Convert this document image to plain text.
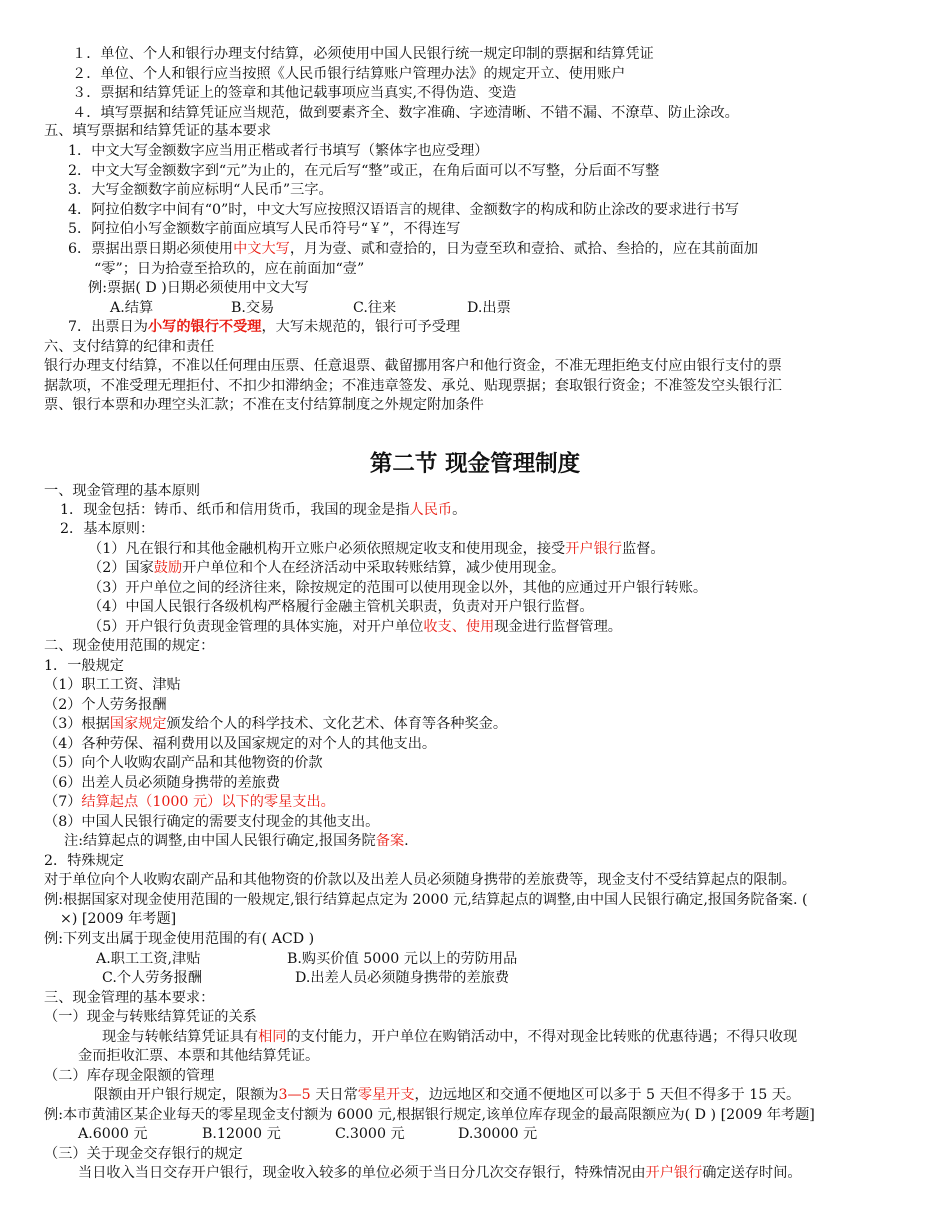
１．单位、个人和银行办理支付结算，必须使用中国人民银行统一规定印制的票据和结算凭证
２．单位、个人和银行应当按照《人民币银行结算账户管理办法》的规定开立、使用账户
３．票据和结算凭证上的签章和其他记载事项应当真实,不得伪造、变造
４．填写票据和结算凭证应当规范，做到要素齐全、数字准确、字迹清晰、不错不漏、不潦草、防止涂改。
五、填写票据和结算凭证的基本要求
1．中文大写金额数字应当用正楷或者行书填写（繁体字也应受理）
2．中文大写金额数字到“元”为止的，在元后写“整”或正，在角后面可以不写整，分后面不写整
3．大写金额数字前应标明“人民币”三字。
4．阿拉伯数字中间有“0”时，中文大写应按照汉语语言的规律、金额数字的构成和防止涂改的要求进行书写
5．阿拉伯小写金额数字前面应填写人民币符号“￥”，不得连写
6．票据出票日期必须使用中文大写，月为壹、贰和壹拾的，日为壹至玖和壹拾、贰拾、叁拾的，应在其前面加
“零”；日为拾壹至拾玖的，应在前面加“壹”
例:票据( D )日期必须使用中文大写
A.结算	B.交易	C.往来	D.出票
7．出票日为小写的银行不受理，大写未规范的，银行可予受理
六、支付结算的纪律和责任
银行办理支付结算，不准以任何理由压票、任意退票、截留挪用客户和他行资金，不准无理拒绝支付应由银行支付的票
据款项，不准受理无理拒付、不扣少扣滞纳金；不准违章签发、承兑、贴现票据；套取银行资金；不准签发空头银行汇
票、银行本票和办理空头汇款；不准在支付结算制度之外规定附加条件
第二节 现金管理制度
一、现金管理的基本原则
1．现金包括：铸币、纸币和信用货币，我国的现金是指人民币。
2．基本原则：
（1）凡在银行和其他金融机构开立账户必须依照规定收支和使用现金，接受开户银行监督。
（2）国家鼓励开户单位和个人在经济活动中采取转账结算，减少使用现金。
（3）开户单位之间的经济往来，除按规定的范围可以使用现金以外，其他的应通过开户银行转账。
（4）中国人民银行各级机构严格履行金融主管机关职责，负责对开户银行监督。
（5）开户银行负责现金管理的具体实施，对开户单位收支、使用现金进行监督管理。
二、现金使用范围的规定：
1．一般规定
（1）职工工资、津贴
（2）个人劳务报酬
（3）根据国家规定颁发给个人的科学技术、文化艺术、体育等各种奖金。
（4）各种劳保、福利费用以及国家规定的对个人的其他支出。
（5）向个人收购农副产品和其他物资的价款
（6）出差人员必须随身携带的差旅费
（7）结算起点（1000 元）以下的零星支出。
（8）中国人民银行确定的需要支付现金的其他支出。
注:结算起点的调整,由中国人民银行确定,报国务院备案.
2．特殊规定
对于单位向个人收购农副产品和其他物资的价款以及出差人员必须随身携带的差旅费等，现金支付不受结算起点的限制。
例:根据国家对现金使用范围的一般规定,银行结算起点定为 2000 元,结算起点的调整,由中国人民银行确定,报国务院备案. (
×) [2009 年考题]
例:下列支出属于现金使用范围的有( ACD )
A.职工工资,津贴	B.购买价值 5000 元以上的劳防用品
C.个人劳务报酬	D.出差人员必须随身携带的差旅费
三、现金管理的基本要求：
（一）现金与转账结算凭证的关系
现金与转帐结算凭证具有相同的支付能力，开户单位在购销活动中，不得对现金比转账的优惠待遇；不得只收现
金而拒收汇票、本票和其他结算凭证。
（二）库存现金限额的管理
限额由开户银行规定，限额为3—5 天日常零星开支，边远地区和交通不便地区可以多于 5 天但不得多于 15 天。
例:本市黄浦区某企业每天的零星现金支付额为 6000 元,根据银行规定,该单位库存现金的最高限额应为( D ) [2009 年考题]
A.6000 元	B.12000 元	C.3000 元	D.30000 元
（三）关于现金交存银行的规定
当日收入当日交存开户银行，现金收入较多的单位必须于当日分几次交存银行，特殊情况由开户银行确定送存时间。
